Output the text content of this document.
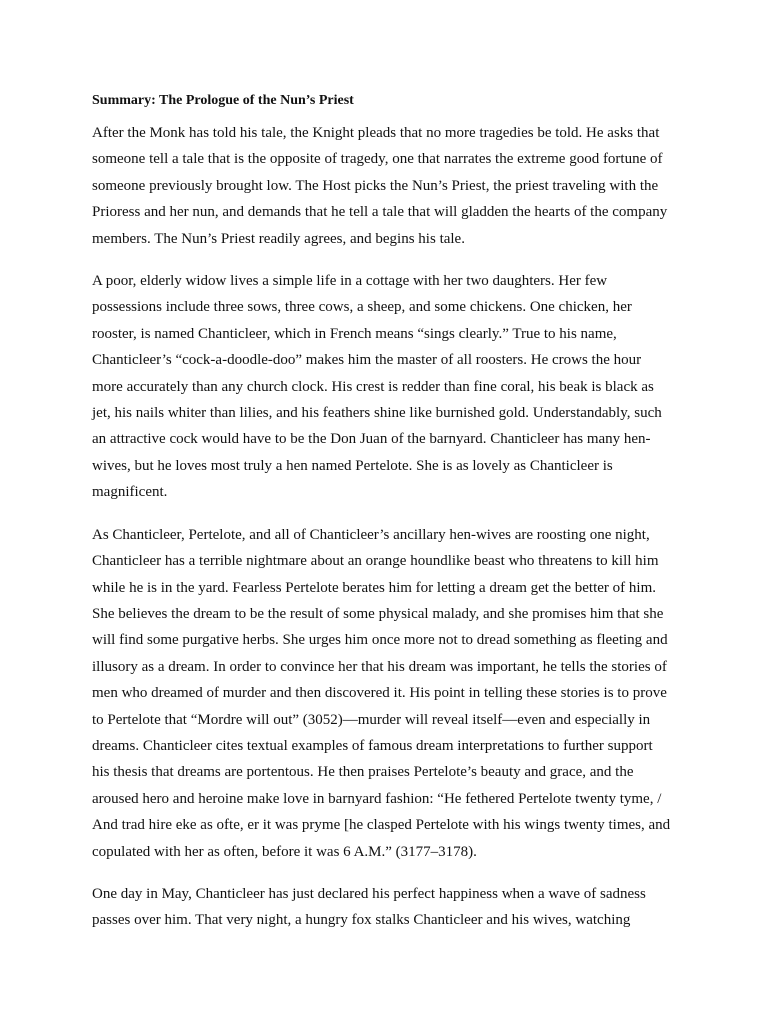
Summary: The Prologue of the Nun’s Priest

After the Monk has told his tale, the Knight pleads that no more tragedies be told. He asks that someone tell a tale that is the opposite of tragedy, one that narrates the extreme good fortune of someone previously brought low. The Host picks the Nun’s Priest, the priest traveling with the Prioress and her nun, and demands that he tell a tale that will gladden the hearts of the company members. The Nun’s Priest readily agrees, and begins his tale.

A poor, elderly widow lives a simple life in a cottage with her two daughters. Her few possessions include three sows, three cows, a sheep, and some chickens. One chicken, her rooster, is named Chanticleer, which in French means “sings clearly.” True to his name, Chanticleer’s “cock-a-doodle-doo” makes him the master of all roosters. He crows the hour more accurately than any church clock. His crest is redder than fine coral, his beak is black as jet, his nails whiter than lilies, and his feathers shine like burnished gold. Understandably, such an attractive cock would have to be the Don Juan of the barnyard. Chanticleer has many hen-wives, but he loves most truly a hen named Pertelote. She is as lovely as Chanticleer is magnificent.

As Chanticleer, Pertelote, and all of Chanticleer’s ancillary hen-wives are roosting one night, Chanticleer has a terrible nightmare about an orange houndlike beast who threatens to kill him while he is in the yard. Fearless Pertelote berates him for letting a dream get the better of him. She believes the dream to be the result of some physical malady, and she promises him that she will find some purgative herbs. She urges him once more not to dread something as fleeting and illusory as a dream. In order to convince her that his dream was important, he tells the stories of men who dreamed of murder and then discovered it. His point in telling these stories is to prove to Pertelote that “Mordre will out” (3052)—murder will reveal itself—even and especially in dreams. Chanticleer cites textual examples of famous dream interpretations to further support his thesis that dreams are portentous. He then praises Pertelote’s beauty and grace, and the aroused hero and heroine make love in barnyard fashion: “He fethered Pertelote twenty tyme, / And trad hire eke as ofte, er it was pryme [he clasped Pertelote with his wings twenty times, and copulated with her as often, before it was 6 A.M.” (3177–3178).

One day in May, Chanticleer has just declared his perfect happiness when a wave of sadness passes over him. That very night, a hungry fox stalks Chanticleer and his wives, watching
